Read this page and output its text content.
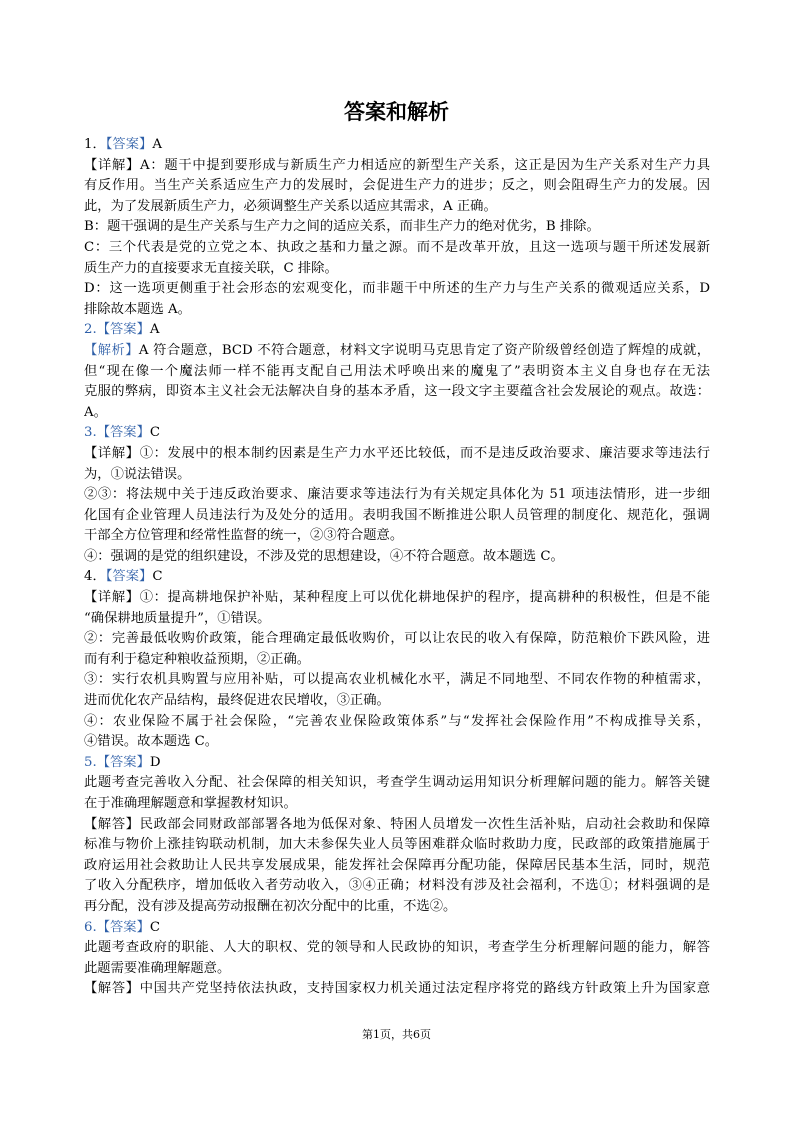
答案和解析
1．【答案】A
【详解】A：题干中提到要形成与新质生产力相适应的新型生产关系，这正是因为生产关系对生产力具
有反作用。当生产关系适应生产力的发展时，会促进生产力的进步；反之，则会阻碍生产力的发展。因
此，为了发展新质生产力，必须调整生产关系以适应其需求，A 正确。
B：题干强调的是生产关系与生产力之间的适应关系，而非生产力的绝对优劣，B 排除。
C：三个代表是党的立党之本、执政之基和力量之源。而不是改革开放，且这一选项与题干所述发展新
质生产力的直接要求无直接关联，C 排除。
D：这一选项更侧重于社会形态的宏观变化，而非题干中所述的生产力与生产关系的微观适应关系，D
排除故本题选 A。
2.【答案】A
【解析】A 符合题意，BCD 不符合题意，材料文字说明马克思肯定了资产阶级曾经创造了辉煌的成就，
但“现在像一个魔法师一样不能再支配自己用法术呼唤出来的魔鬼了”表明资本主义自身也存在无法
克服的弊病，即资本主义社会无法解决自身的基本矛盾，这一段文字主要蕴含社会发展论的观点。故选：
A。
3.【答案】C
【详解】①：发展中的根本制约因素是生产力水平还比较低，而不是违反政治要求、廉洁要求等违法行
为，①说法错误。
②③：将法规中关于违反政治要求、廉洁要求等违法行为有关规定具体化为 51 项违法情形，进一步细
化国有企业管理人员违法行为及处分的适用。表明我国不断推进公职人员管理的制度化、规范化，强调
干部全方位管理和经常性监督的统一，②③符合题意。
④：强调的是党的组织建设，不涉及党的思想建设，④不符合题意。故本题选 C。
4．【答案】C
【详解】①：提高耕地保护补贴，某种程度上可以优化耕地保护的程序，提高耕种的积极性，但是不能
“确保耕地质量提升”，①错误。
②：完善最低收购价政策，能合理确定最低收购价，可以让农民的收入有保障，防范粮价下跌风险，进
而有利于稳定种粮收益预期，②正确。
③：实行农机具购置与应用补贴，可以提高农业机械化水平，满足不同地型、不同农作物的种植需求，
进而优化农产品结构，最终促进农民增收，③正确。
④：农业保险不属于社会保险，“完善农业保险政策体系”与“发挥社会保险作用”不构成推导关系，
④错误。故本题选 C。
5.【答案】D
此题考查完善收入分配、社会保障的相关知识，考查学生调动运用知识分析理解问题的能力。解答关键
在于准确理解题意和掌握教材知识。
【解答】民政部会同财政部部署各地为低保对象、特困人员增发一次性生活补贴，启动社会救助和保障
标准与物价上涨挂钩联动机制，加大未参保失业人员等困难群众临时救助力度，民政部的政策措施属于
政府运用社会救助让人民共享发展成果，能发挥社会保障再分配功能，保障居民基本生活，同时，规范
了收入分配秩序，增加低收入者劳动收入，③④正确；材料没有涉及社会福利，不选①；材料强调的是
再分配，没有涉及提高劳动报酬在初次分配中的比重，不选②。
6.【答案】C
此题考查政府的职能、人大的职权、党的领导和人民政协的知识，考查学生分析理解问题的能力，解答
此题需要准确理解题意。
【解答】中国共产党坚持依法执政，支持国家权力机关通过法定程序将党的路线方针政策上升为国家意
第1页，共6页
